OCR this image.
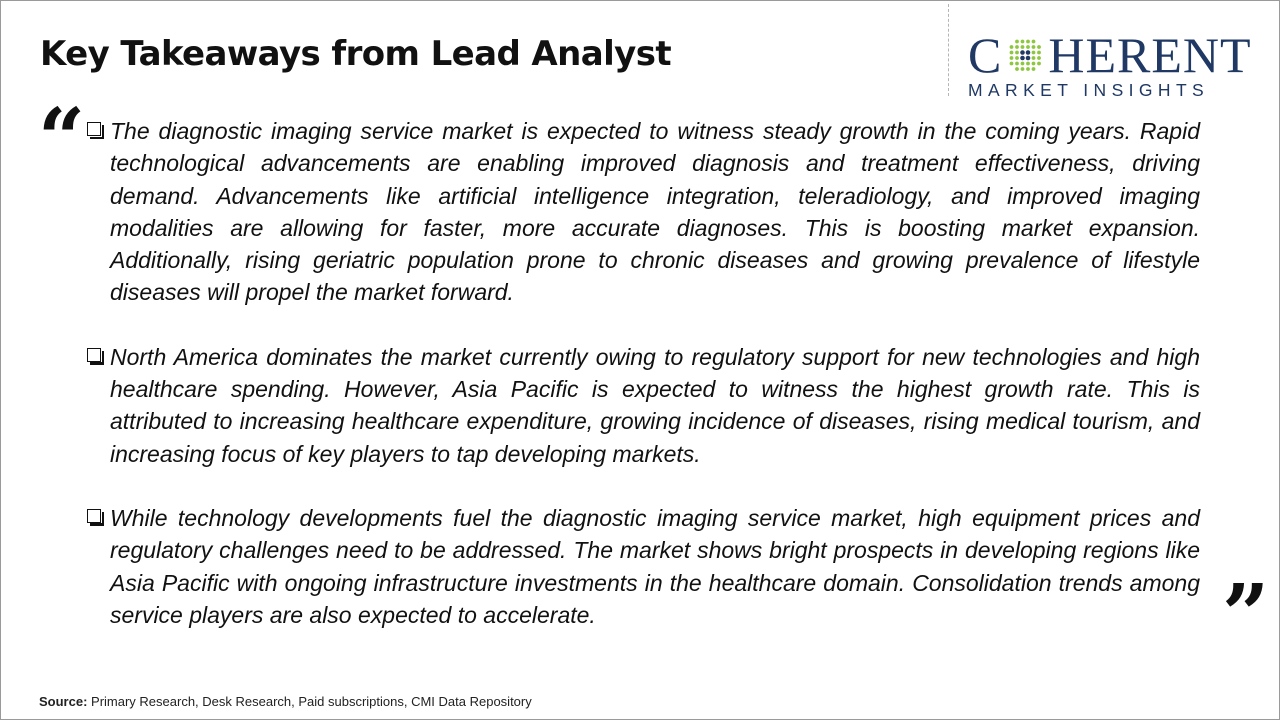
Key Takeaways from Lead Analyst	C HERENT
MARKET INSIGHTS
“ The diagnostic imaging service market is expected to witness steady growth in the coming years. Rapid technological advancements are enabling improved diagnosis and treatment effectiveness, driving demand. Advancements like artificial intelligence integration, teleradiology, and improved imaging modalities are allowing for faster, more accurate diagnoses. This is boosting market expansion. Additionally, rising geriatric population prone to chronic diseases and growing prevalence of lifestyle diseases will propel the market forward.
North America dominates the market currently owing to regulatory support for new technologies and high healthcare spending. However, Asia Pacific is expected to witness the highest growth rate. This is attributed to increasing healthcare expenditure, growing incidence of diseases, rising medical tourism, and increasing focus of key players to tap developing markets.
While technology developments fuel the diagnostic imaging service market, high equipment prices and regulatory challenges need to be addressed. The market shows bright prospects in developing regions like Asia Pacific with ongoing infrastructure investments in the healthcare domain. Consolidation trends among service players are also expected to accelerate.	”
Source: Primary Research, Desk Research, Paid subscriptions, CMI Data Repository
